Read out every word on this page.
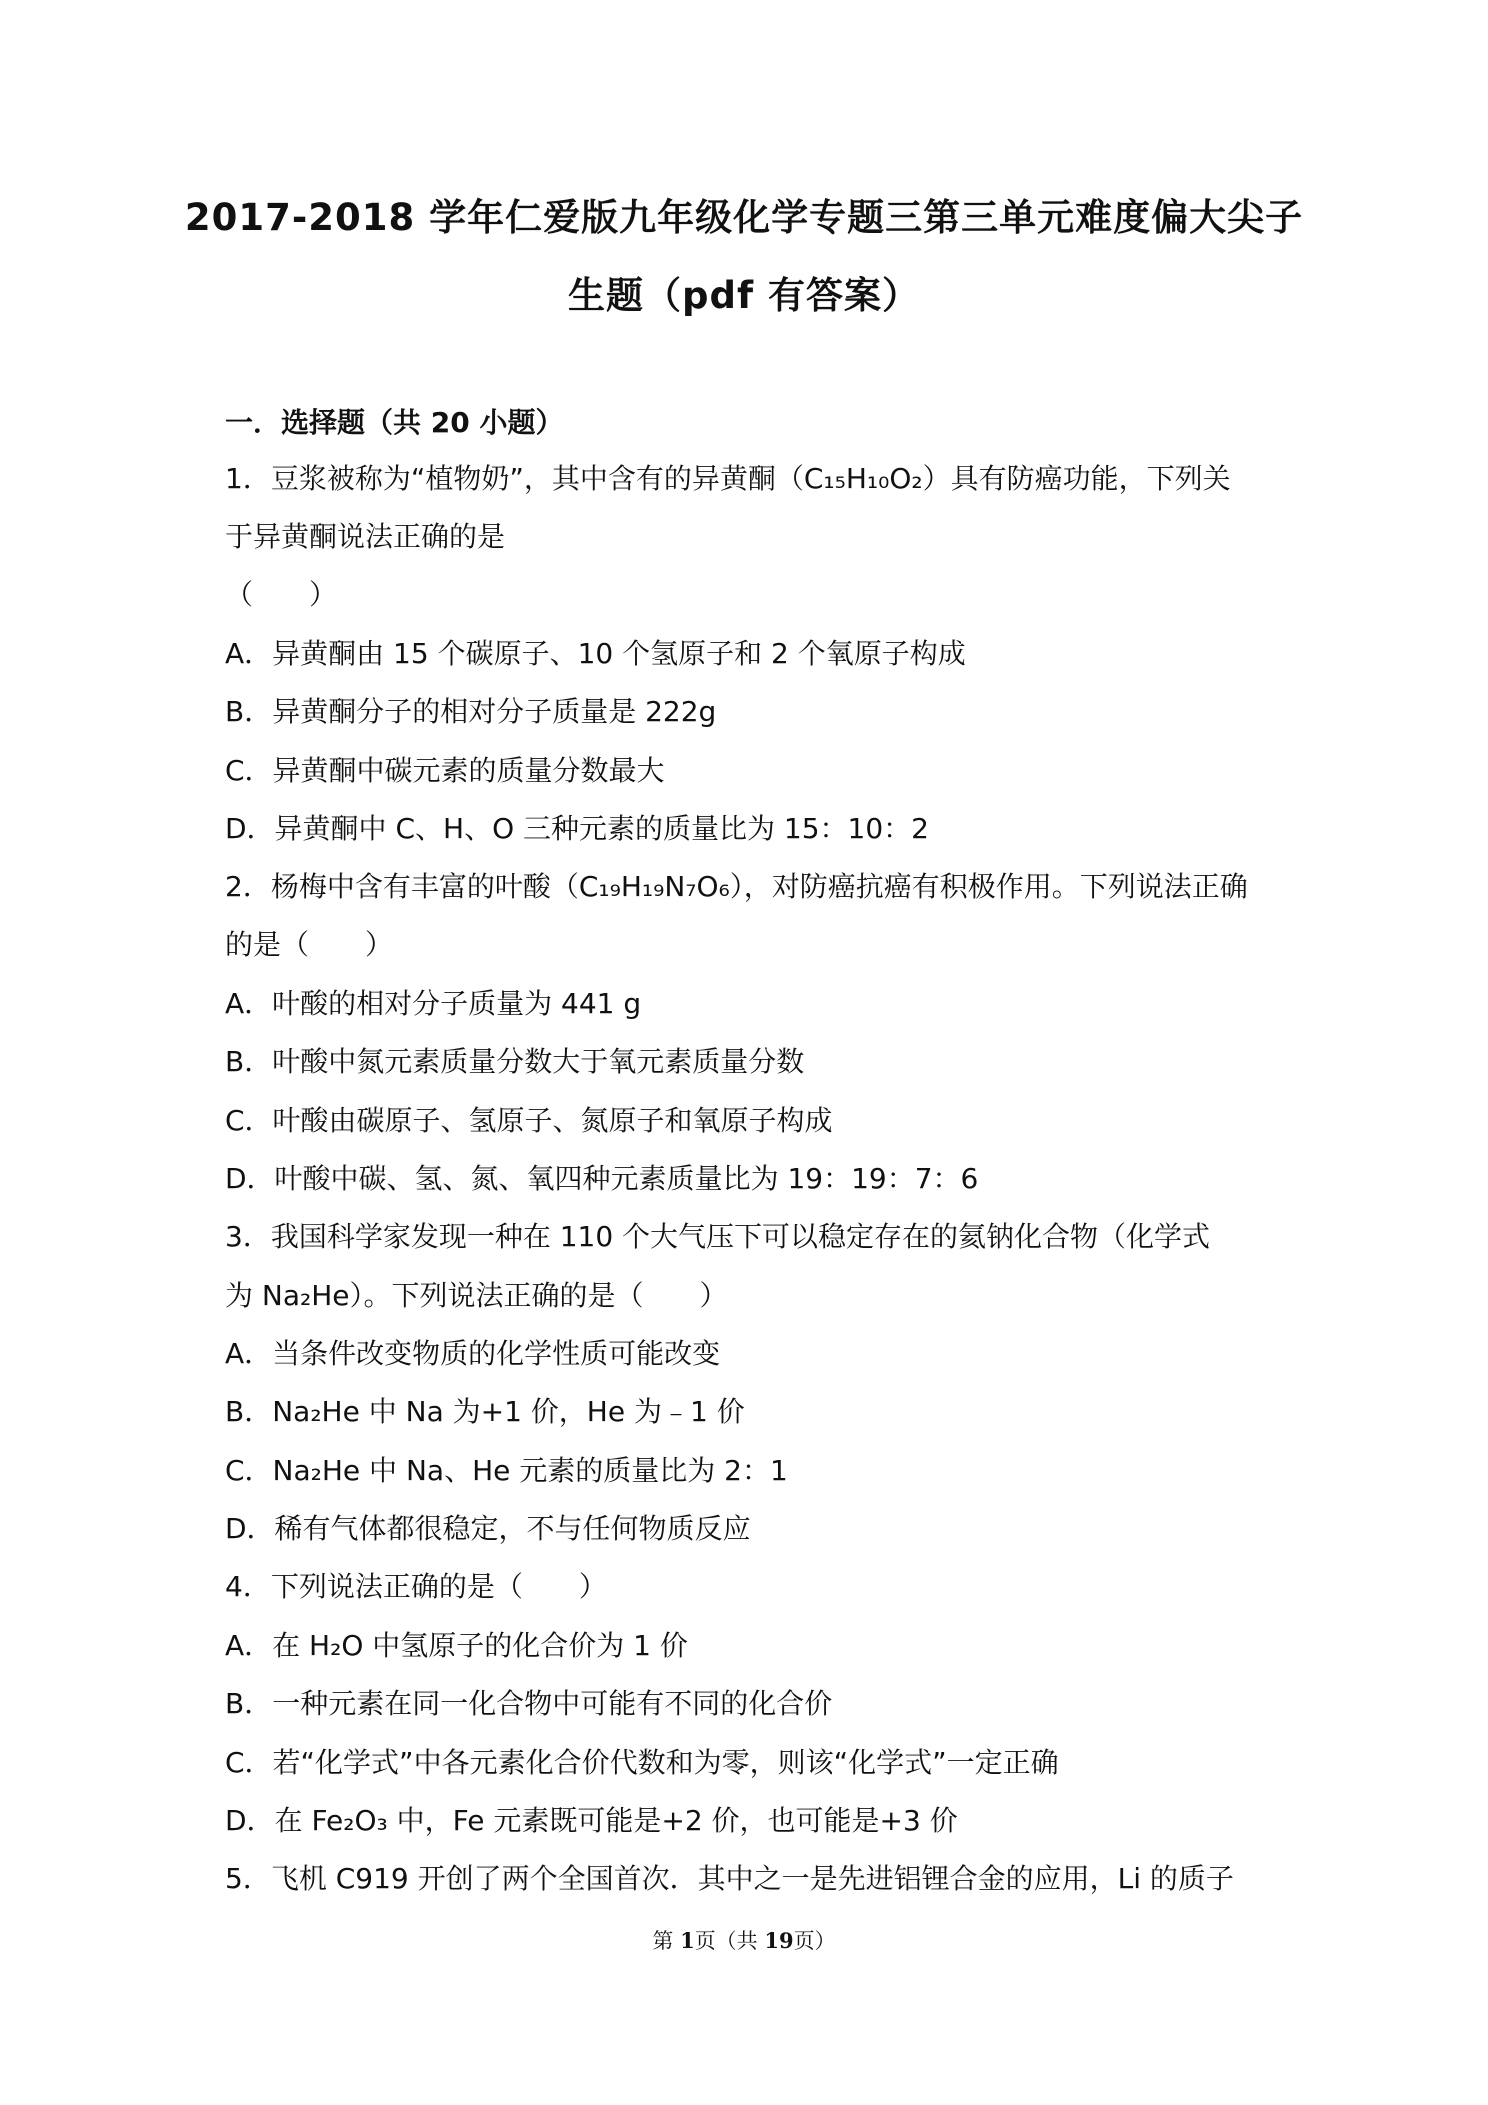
2017-2018 学年仁爱版九年级化学专题三第三单元难度偏大尖子
生题（pdf 有答案）
一．选择题（共 20 小题）
1．豆浆被称为“植物奶”，其中含有的异黄酮（C₁₅H₁₀O₂）具有防癌功能，下列关
于异黄酮说法正确的是
（　　）
A．异黄酮由 15 个碳原子、10 个氢原子和 2 个氧原子构成
B．异黄酮分子的相对分子质量是 222g
C．异黄酮中碳元素的质量分数最大
D．异黄酮中 C、H、O 三种元素的质量比为 15：10：2
2．杨梅中含有丰富的叶酸（C₁₉H₁₉N₇O₆），对防癌抗癌有积极作用。下列说法正确
的是（　　）
A．叶酸的相对分子质量为 441 g
B．叶酸中氮元素质量分数大于氧元素质量分数
C．叶酸由碳原子、氢原子、氮原子和氧原子构成
D．叶酸中碳、氢、氮、氧四种元素质量比为 19：19：7：6
3．我国科学家发现一种在 110 个大气压下可以稳定存在的氦钠化合物（化学式
为 Na₂He）。下列说法正确的是（　　）
A．当条件改变物质的化学性质可能改变
B．Na₂He 中 Na 为+1 价，He 为﹣1 价
C．Na₂He 中 Na、He 元素的质量比为 2：1
D．稀有气体都很稳定，不与任何物质反应
4．下列说法正确的是（　　）
A．在 H₂O 中氢原子的化合价为 1 价
B．一种元素在同一化合物中可能有不同的化合价
C．若“化学式”中各元素化合价代数和为零，则该“化学式”一定正确
D．在 Fe₂O₃ 中，Fe 元素既可能是+2 价，也可能是+3 价
5．飞机 C919 开创了两个全国首次．其中之一是先进铝锂合金的应用，Li 的质子
第 1页（共 19页）
